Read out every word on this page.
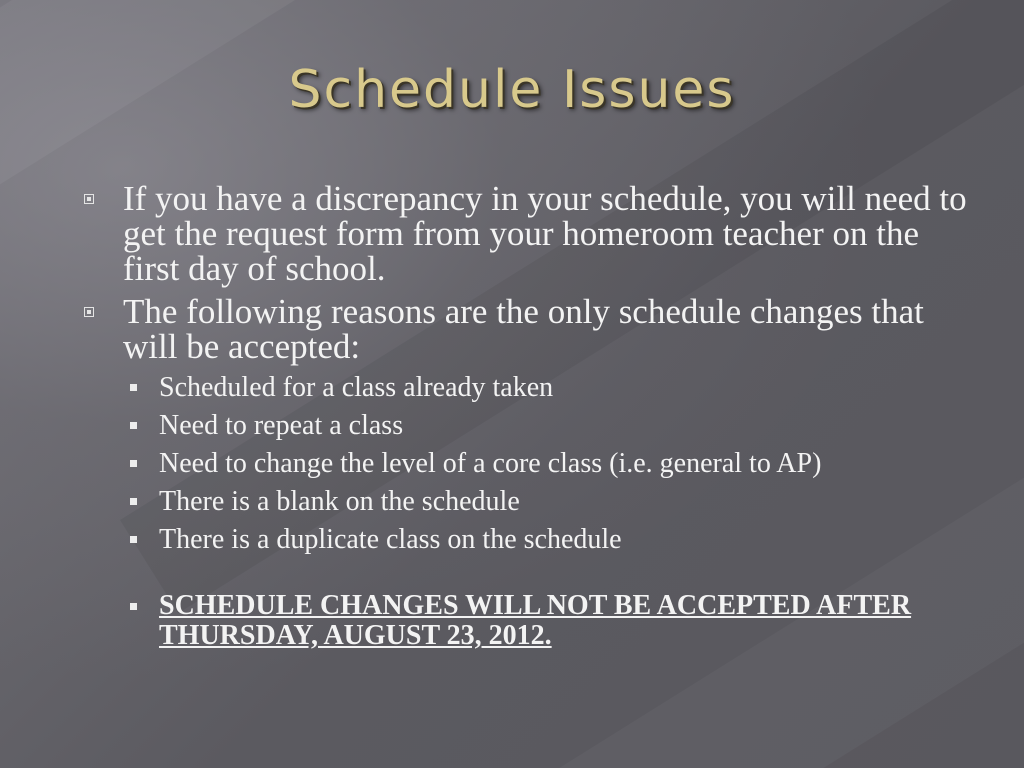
Schedule Issues
If you have a discrepancy in your schedule, you will need to get the request form from your homeroom teacher on the first day of school.
The following reasons are the only schedule changes that will be accepted:
Scheduled for a class already taken
Need to repeat a class
Need to change the level of a core class (i.e. general to AP)
There is a blank on the schedule
There is a duplicate class on the schedule
SCHEDULE CHANGES WILL NOT BE ACCEPTED AFTER THURSDAY, AUGUST 23, 2012.
